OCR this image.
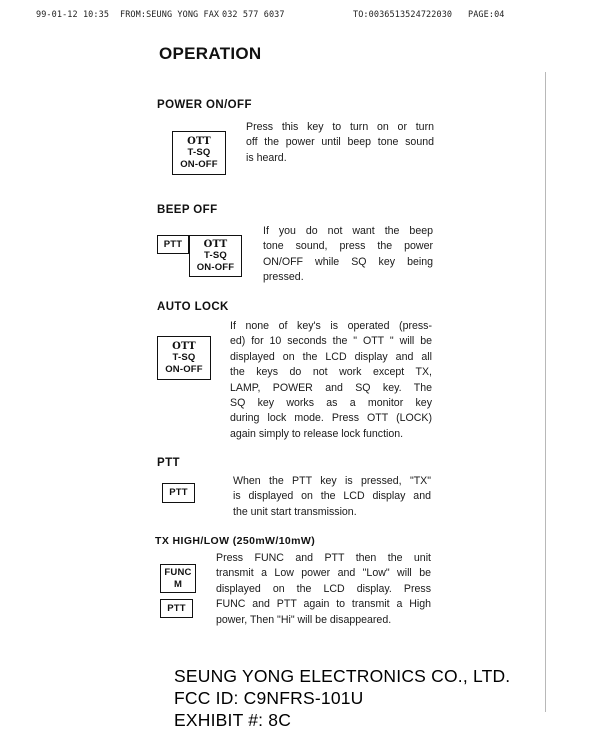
99-01-12 10:35 FROM:SEUNG YONG FAX 032 577 6037	TO:0036513524722030 PAGE:04
OPERATION
POWER ON/OFF
OTT
T-SQ
ON-OFF
Press this key to turn on or turn
off the power until beep tone sound
is heard.
BEEP OFF
PTT	OTT
T-SQ
ON-OFF
If you do not want the beep
tone sound, press the power
ON/OFF while SQ key being
pressed.
AUTO LOCK
OTT
T-SQ
ON-OFF
If none of key's is operated (press-
ed) for 10 seconds the " OTT " will be
displayed on the LCD display and all
the keys do not work except TX,
LAMP, POWER and SQ key. The
SQ key works as a monitor key
during lock mode. Press OTT (LOCK)
again simply to release lock function.
PTT
PTT
When the PTT key is pressed, "TX"
is displayed on the LCD display and
the unit start transmission.
TX HIGH/LOW (250mW/10mW)
FUNC
M
PTT
Press FUNC and PTT then the unit
transmit a Low power and "Low" will be
displayed on the LCD display. Press
FUNC and PTT again to transmit a High
power, Then "Hi" will be disappeared.
SEUNG YONG ELECTRONICS CO., LTD.
FCC ID: C9NFRS-101U
EXHIBIT #: 8C
